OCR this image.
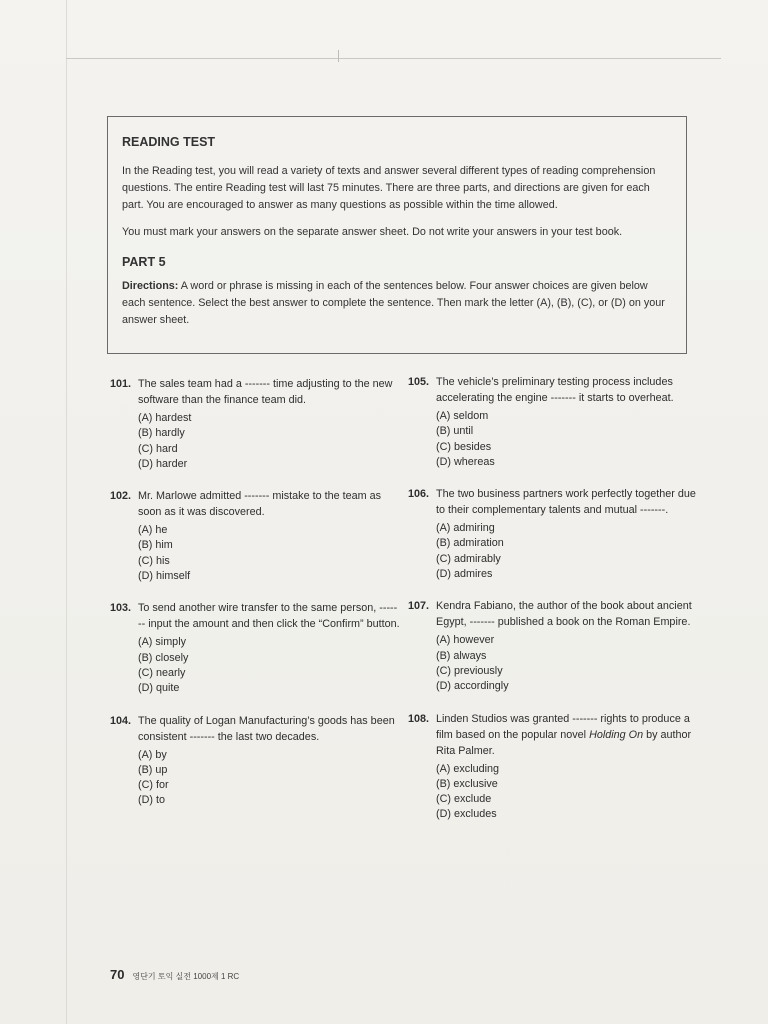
READING TEST

In the Reading test, you will read a variety of texts and answer several different types of reading comprehension questions. The entire Reading test will last 75 minutes. There are three parts, and directions are given for each part. You are encouraged to answer as many questions as possible within the time allowed.

You must mark your answers on the separate answer sheet. Do not write your answers in your test book.

PART 5

Directions: A word or phrase is missing in each of the sentences below. Four answer choices are given below each sentence. Select the best answer to complete the sentence. Then mark the letter (A), (B), (C), or (D) on your answer sheet.

101. The sales team had a ------- time adjusting to the new software than the finance team did.
(A) hardest
(B) hardly
(C) hard
(D) harder
102. Mr. Marlowe admitted ------- mistake to the team as soon as it was discovered.
(A) he
(B) him
(C) his
(D) himself
103. To send another wire transfer to the same person, ------- input the amount and then click the “Confirm” button.
(A) simply
(B) closely
(C) nearly
(D) quite
104. The quality of Logan Manufacturing’s goods has been consistent ------- the last two decades.
(A) by
(B) up
(C) for
(D) to
105. The vehicle’s preliminary testing process includes accelerating the engine ------- it starts to overheat.
(A) seldom
(B) until
(C) besides
(D) whereas
106. The two business partners work perfectly together due to their complementary talents and mutual -------.
(A) admiring
(B) admiration
(C) admirably
(D) admires
107. Kendra Fabiano, the author of the book about ancient Egypt, ------- published a book on the Roman Empire.
(A) however
(B) always
(C) previously
(D) accordingly
108. Linden Studios was granted ------- rights to produce a film based on the popular novel Holding On by author Rita Palmer.
(A) excluding
(B) exclusive
(C) exclude
(D) excludes
70 영단기 토익 실전 1000제 1 RC
